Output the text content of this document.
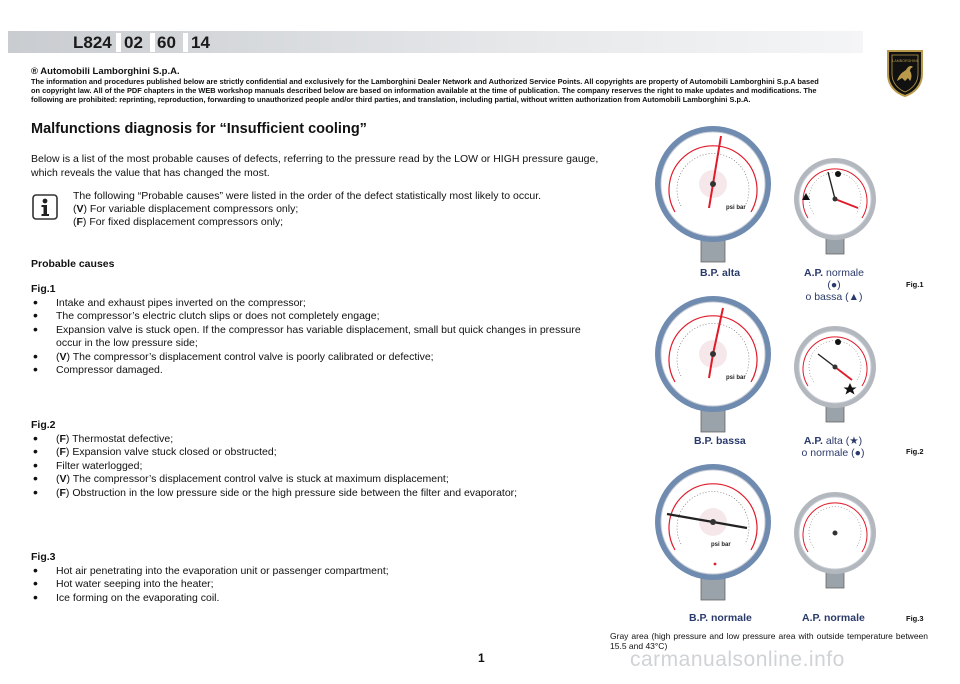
L824 02 60 14
LAMBORGHINI
® Automobili Lamborghini S.p.A.
The information and procedures published below are strictly confidential and exclusively for the Lamborghini Dealer Network and Authorized Service Points. All copyrights are property of Automobili Lamborghini S.p.A based on copyright law. All of the PDF chapters in the WEB workshop manuals described below are based on information available at the time of publication. The company reserves the right to make updates and modifications. The following are prohibited: reprinting, reproduction, forwarding to unauthorized people and/or third parties, and translation, including partial, without written authorization from Automobili Lamborghini S.p.A.
Malfunctions diagnosis for “Insufficient cooling”
Below is a list of the most probable causes of defects, referring to the pressure read by the LOW or HIGH pressure gauge, which reveals the value that has changed the most.
The following “Probable causes” were listed in the order of the defect statistically most likely to occur.
(V) For variable displacement compressors only;
(F) For fixed displacement compressors only;
Probable causes
Fig.1
• Intake and exhaust pipes inverted on the compressor;
• The compressor’s electric clutch slips or does not completely engage;
• Expansion valve is stuck open. If the compressor has variable displacement, small but quick changes in pressure occur in the low pressure side;
• (V) The compressor’s displacement control valve is poorly calibrated or defective;
• Compressor damaged.
Fig.2
• (F) Thermostat defective;
• (F) Expansion valve stuck closed or obstructed;
• Filter waterlogged;
• (V) The compressor’s displacement control valve is stuck at maximum displacement;
• (F) Obstruction in the low pressure side or the high pressure side between the filter and evaporator;
Fig.3
• Hot air penetrating into the evaporation unit or passenger compartment;
• Hot water seeping into the heater;
• Ice forming on the evaporating coil.
psi bar
B.P. alta	A.P. normale (●)
o bassa (▲)
Fig.1
psi bar
B.P. bassa	A.P. alta (★)
o normale (●)	Fig.2
psi bar
B.P. normale	A.P. normale	Fig.3
Gray area (high pressure and low pressure area with outside temperature between 15.5 and 43°C)
1	carmanualsonline.info
